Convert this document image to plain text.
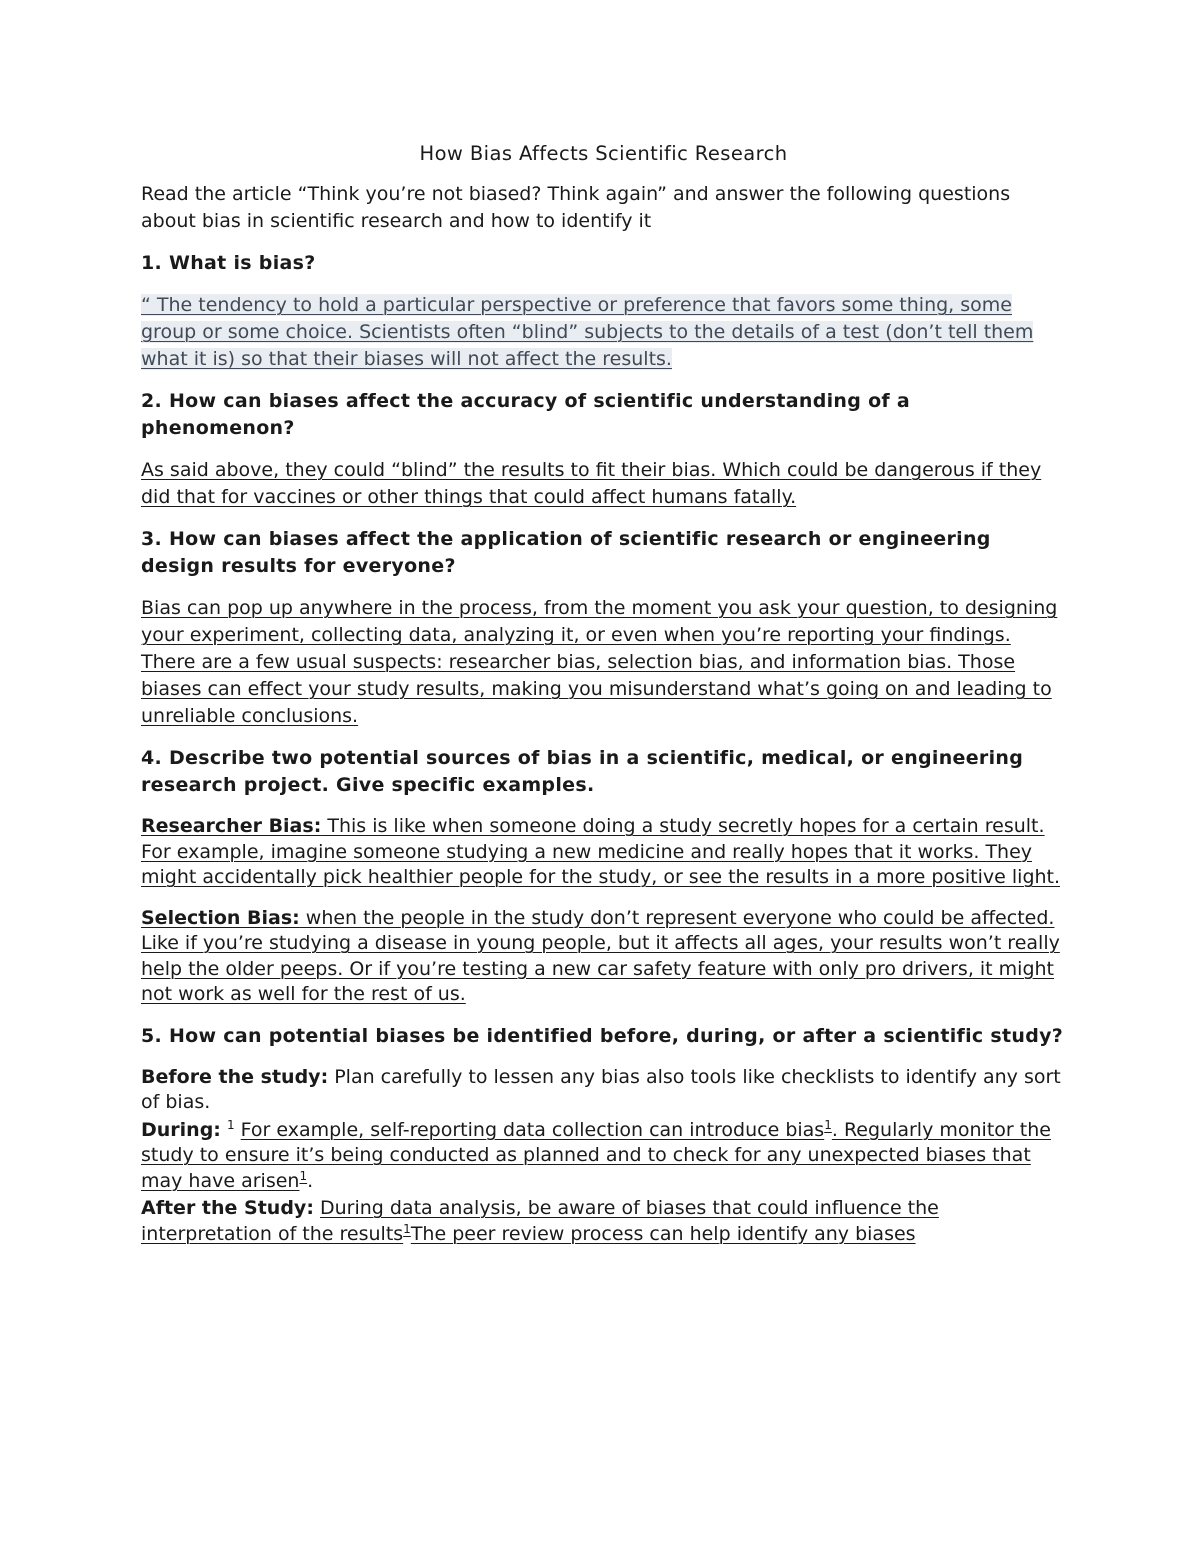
How Bias Affects Scientific Research

Read the article “Think you’re not biased? Think again” and answer the following questions about bias in scientific research and how to identify it

1. What is bias?

“ The tendency to hold a particular perspective or preference that favors some thing, some group or some choice. Scientists often “blind” subjects to the details of a test (don’t tell them what it is) so that their biases will not affect the results.

2. How can biases affect the accuracy of scientific understanding of a phenomenon?

As said above, they could “blind” the results to fit their bias. Which could be dangerous if they did that for vaccines or other things that could affect humans fatally.

3. How can biases affect the application of scientific research or engineering design results for everyone?

Bias can pop up anywhere in the process, from the moment you ask your question, to designing your experiment, collecting data, analyzing it, or even when you’re reporting your findings. There are a few usual suspects: researcher bias, selection bias, and information bias. Those biases can effect your study results, making you misunderstand what’s going on and leading to unreliable conclusions.

4. Describe two potential sources of bias in a scientific, medical, or engineering research project. Give specific examples.

Researcher Bias: This is like when someone doing a study secretly hopes for a certain result. For example, imagine someone studying a new medicine and really hopes that it works. They might accidentally pick healthier people for the study, or see the results in a more positive light.

Selection Bias: when the people in the study don’t represent everyone who could be affected. Like if you’re studying a disease in young people, but it affects all ages, your results won’t really help the older peeps. Or if you’re testing a new car safety feature with only pro drivers, it might not work as well for the rest of us.

5. How can potential biases be identified before, during, or after a scientific study?

Before the study: Plan carefully to lessen any bias also tools like checklists to identify any sort of bias.

During: $^1$ For example, self-reporting data collection can introduce bias$^1$. Regularly monitor the study to ensure it’s being conducted as planned and to check for any unexpected biases that may have arisen$^1$.

After the Study: During data analysis, be aware of biases that could influence the interpretation of the results$^1$The peer review process can help identify any biases
